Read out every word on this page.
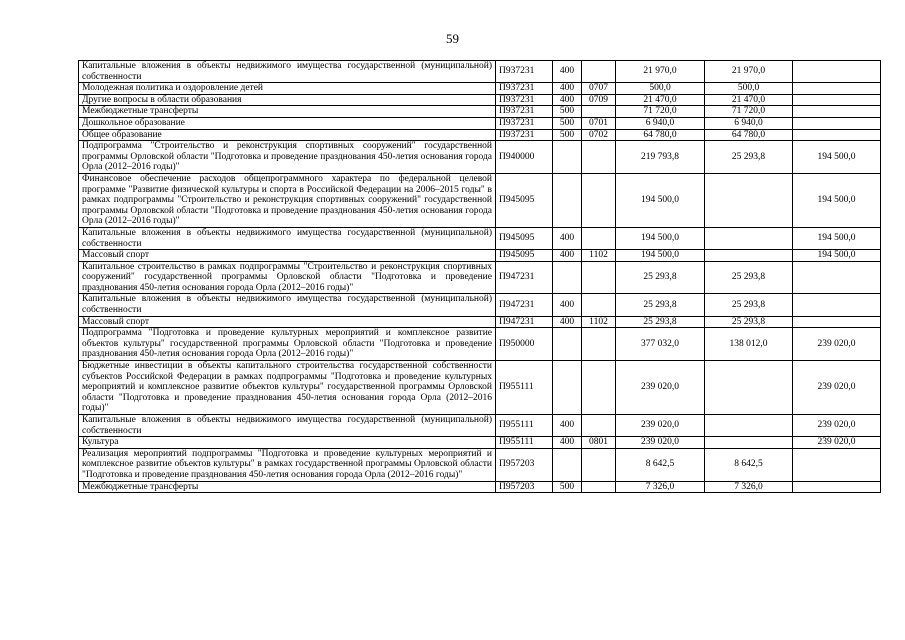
59
Капитальные вложения в объекты недвижимого имущества государственной (муниципальной) собственности	П937231	400		21 970,0	21 970,0	
Молодежная политика и оздоровление детей	П937231	400	0707	500,0	500,0	
Другие вопросы в области образования	П937231	400	0709	21 470,0	21 470,0	
Межбюджетные трансферты	П937231	500		71 720,0	71 720,0	
Дошкольное образование	П937231	500	0701	6 940,0	6 940,0	
Общее образование	П937231	500	0702	64 780,0	64 780,0	
Подпрограмма "Строительство и реконструкция спортивных сооружений" государственной программы Орловской области "Подготовка и проведение празднования 450-летия основания города Орла (2012–2016 годы)"	П940000			219 793,8	25 293,8	194 500,0
Финансовое обеспечение расходов общепрограммного характера по федеральной целевой программе "Развитие физической культуры и спорта в Российской Федерации на 2006–2015 годы" в рамках подпрограммы "Строительство и реконструкция спортивных сооружений" государственной программы Орловской области "Подготовка и проведение празднования 450-летия основания города Орла (2012–2016 годы)"	П945095			194 500,0		194 500,0
Капитальные вложения в объекты недвижимого имущества государственной (муниципальной) собственности	П945095	400		194 500,0		194 500,0
Массовый спорт	П945095	400	1102	194 500,0		194 500,0
Капитальное строительство в рамках подпрограммы "Строительство и реконструкция спортивных сооружений" государственной программы Орловской области "Подготовка и проведение празднования 450-летия основания города Орла (2012–2016 годы)"	П947231			25 293,8	25 293,8	
Капитальные вложения в объекты недвижимого имущества государственной (муниципальной) собственности	П947231	400		25 293,8	25 293,8	
Массовый спорт	П947231	400	1102	25 293,8	25 293,8	
Подпрограмма "Подготовка и проведение культурных мероприятий и комплексное развитие объектов культуры" государственной программы Орловской области "Подготовка и проведение празднования 450-летия основания города Орла (2012–2016 годы)"	П950000			377 032,0	138 012,0	239 020,0
Бюджетные инвестиции в объекты капитального строительства государственной собственности субъектов Российской Федерации в рамках подпрограммы "Подготовка и проведение культурных мероприятий и комплексное развитие объектов культуры" государственной программы Орловской области "Подготовка и проведение празднования 450-летия основания города Орла (2012–2016 годы)"	П955111			239 020,0		239 020,0
Капитальные вложения в объекты недвижимого имущества государственной (муниципальной) собственности	П955111	400		239 020,0		239 020,0
Культура	П955111	400	0801	239 020,0		239 020,0
Реализация мероприятий подпрограммы "Подготовка и проведение культурных мероприятий и комплексное развитие объектов культуры" в рамках государственной программы Орловской области "Подготовка и проведение празднования 450-летия основания города Орла (2012–2016 годы)"	П957203			8 642,5	8 642,5	
Межбюджетные трансферты	П957203	500		7 326,0	7 326,0	
